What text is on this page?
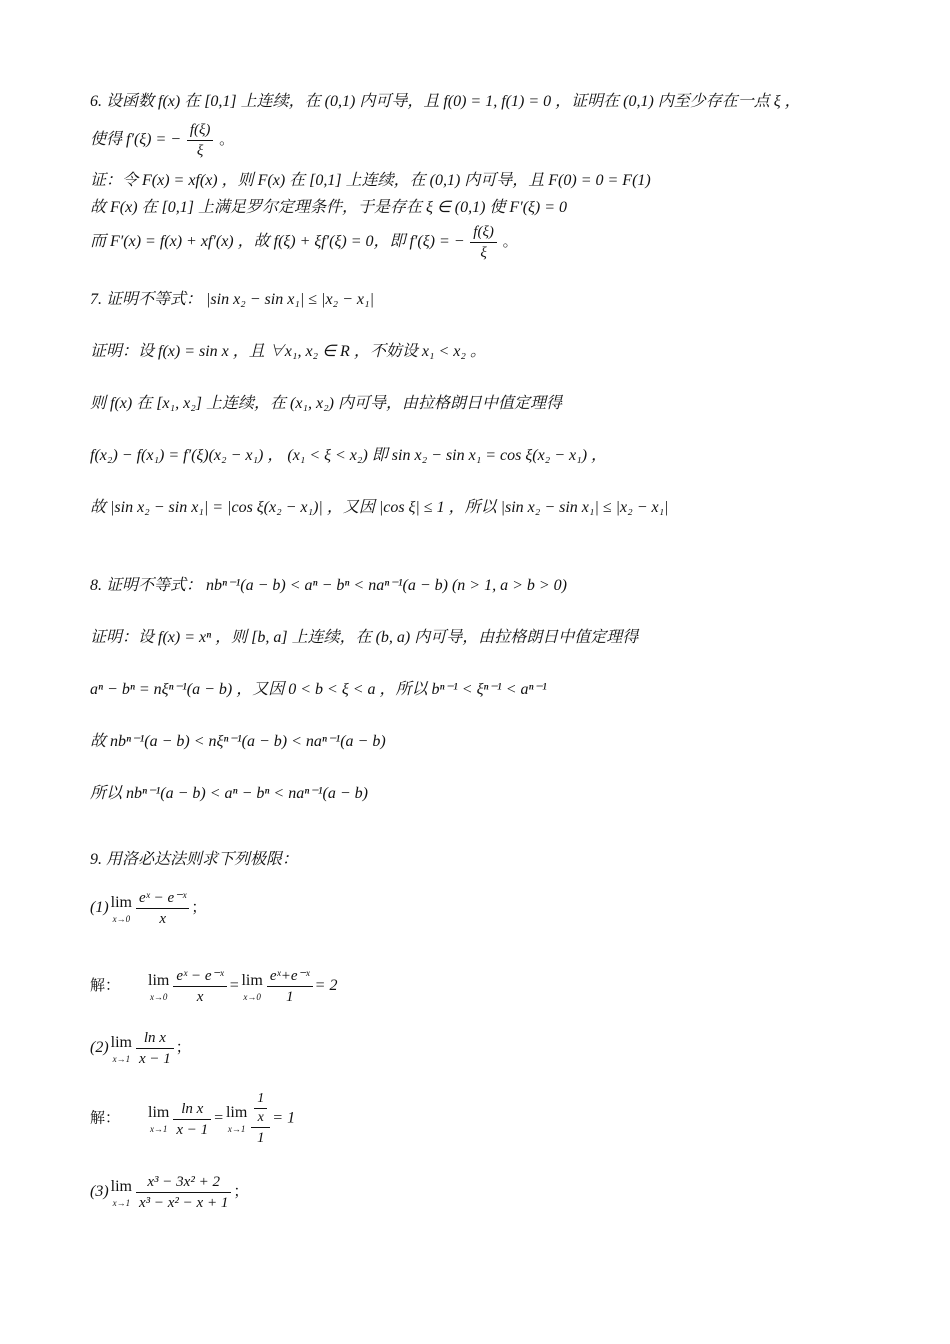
6. 设函数 f(x) 在 [0,1] 上连续，在 (0,1) 内可导，且 f(0) = 1, f(1) = 0 ，证明在 (0,1) 内至少存在一点 ξ ，
使得 f′(ξ) = − $\frac{f(\xi)}{\xi}$ 。
证：令 F(x) = xf(x) ，则 F(x) 在 [0,1] 上连续，在 (0,1) 内可导，且 F(0) = 0 = F(1)
故 F(x) 在 [0,1] 上满足罗尔定理条件，于是存在 ξ ∈ (0,1) 使 F′(ξ) = 0
而 F′(x) = f(x) + xf′(x) ，故 f(ξ) + ξf′(ξ) = 0，即 f′(ξ) = − $\frac{f(\xi)}{\xi}$ 。
7. 证明不等式： |sin x₂ − sin x₁| ≤ |x₂ − x₁|
证明：设 f(x) = sin x ，且 ∀x₁, x₂ ∈ R ，不妨设 x₁ < x₂ 。
则 f(x) 在 [x₁, x₂] 上连续，在 (x₁, x₂) 内可导，由拉格朗日中值定理得
f(x₂) − f(x₁) = f′(ξ)(x₂ − x₁) ， (x₁ < ξ < x₂) 即 sin x₂ − sin x₁ = cos ξ(x₂ − x₁) ，
故 |sin x₂ − sin x₁| = |cos ξ(x₂ − x₁)| ，又因 |cos ξ| ≤ 1 ，所以 |sin x₂ − sin x₁| ≤ |x₂ − x₁|
8. 证明不等式： nbⁿ⁻¹(a − b) < aⁿ − bⁿ < naⁿ⁻¹(a − b) (n > 1, a > b > 0)
证明：设 f(x) = xⁿ ，则 [b, a] 上连续，在 (b, a) 内可导，由拉格朗日中值定理得
aⁿ − bⁿ = nξⁿ⁻¹(a − b) ，又因 0 < b < ξ < a ，所以 bⁿ⁻¹ < ξⁿ⁻¹ < aⁿ⁻¹
故 nbⁿ⁻¹(a − b) < nξⁿ⁻¹(a − b) < naⁿ⁻¹(a − b)
所以 nbⁿ⁻¹(a − b) < aⁿ − bⁿ < naⁿ⁻¹(a − b)
9. 用洛必达法则求下列极限：
(1) lim
$x\to 0 \frac{\text{eˣ − e⁻ˣ}}{x}$ ；
解： lim
$x\to 0 \frac{\text{eˣ − e⁻ˣ}}{x} = \lim$
$x\to 0 \frac{\text{eˣ+e⁻ˣ}}{1} = 2$
(2) lim
$x\to 1 \frac{\text{ln x}}{x - 1}$ ；
解： lim
$x\to 1 \frac{\text{ln x}}{x - 1} = \lim$
$x\to 1 \frac{\frac{1}{x}}{1} = 1$
(3) lim
$x\to 1 \frac{\text{x³ − 3x² + 2}}{\text{x³ − x² − x + 1}}$ ；
